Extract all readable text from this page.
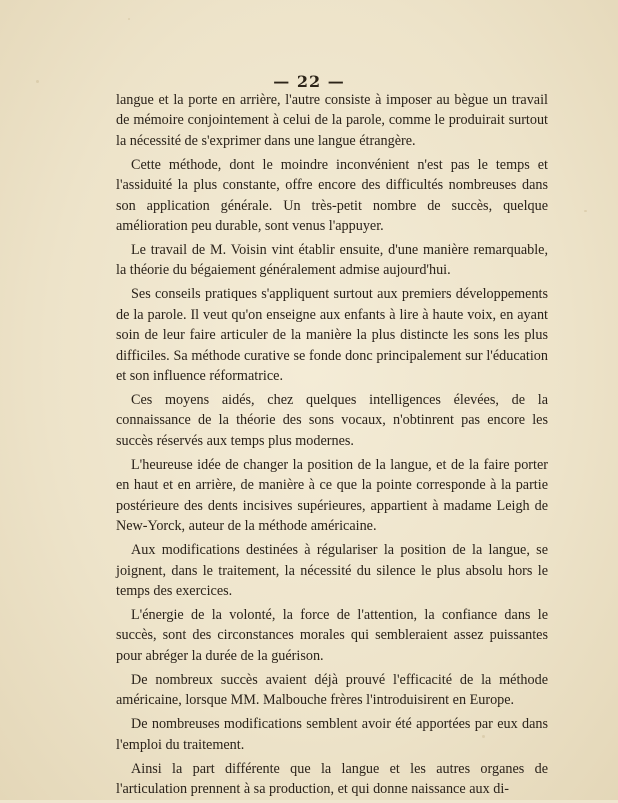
— 22 —

langue et la porte en arrière, l'autre consiste à imposer au bègue un travail de mémoire conjointement à celui de la parole, comme le produirait surtout la nécessité de s'exprimer dans une langue étrangère.

Cette méthode, dont le moindre inconvénient n'est pas le temps et l'assiduité la plus constante, offre encore des difficultés nombreuses dans son application générale. Un très-petit nombre de succès, quelque amélioration peu durable, sont venus l'appuyer.

Le travail de M. Voisin vint établir ensuite, d'une manière remarquable, la théorie du bégaiement généralement admise aujourd'hui.

Ses conseils pratiques s'appliquent surtout aux premiers développements de la parole. Il veut qu'on enseigne aux enfants à lire à haute voix, en ayant soin de leur faire articuler de la manière la plus distincte les sons les plus difficiles. Sa méthode curative se fonde donc principalement sur l'éducation et son influence réformatrice.

Ces moyens aidés, chez quelques intelligences élevées, de la connaissance de la théorie des sons vocaux, n'obtinrent pas encore les succès réservés aux temps plus modernes.

L'heureuse idée de changer la position de la langue, et de la faire porter en haut et en arrière, de manière à ce que la pointe corresponde à la partie postérieure des dents incisives supérieures, appartient à madame Leigh de New-Yorck, auteur de la méthode américaine.

Aux modifications destinées à régulariser la position de la langue, se joignent, dans le traitement, la nécessité du silence le plus absolu hors le temps des exercices.

L'énergie de la volonté, la force de l'attention, la confiance dans le succès, sont des circonstances morales qui sembleraient assez puissantes pour abréger la durée de la guérison.

De nombreux succès avaient déjà prouvé l'efficacité de la méthode américaine, lorsque MM. Malbouche frères l'introduisirent en Europe.

De nombreuses modifications semblent avoir été apportées par eux dans l'emploi du traitement.

Ainsi la part différente que la langue et les autres organes de l'articulation prennent à sa production, et qui donne naissance aux di-
